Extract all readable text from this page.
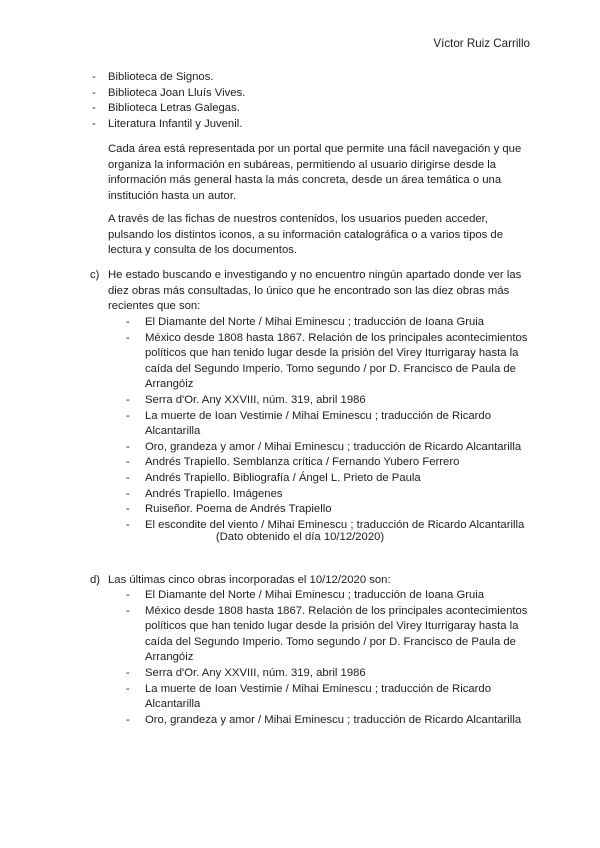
Víctor Ruiz Carrillo
- Biblioteca de Signos.
- Biblioteca Joan Lluís Vives.
- Biblioteca Letras Galegas.
- Literatura Infantil y Juvenil.
Cada área está representada por un portal que permite una fácil navegación y que
organiza la información en subáreas, permitiendo al usuario dirigirse desde la
información más general hasta la más concreta, desde un área temática o una
institución hasta un autor.
A través de las fichas de nuestros contenidos, los usuarios pueden acceder,
pulsando los distintos iconos, a su información catalográfica o a varios tipos de
lectura y consulta de los documentos.
c) He estado buscando e investigando y no encuentro ningún apartado donde ver las
diez obras más consultadas, lo único que he encontrado son las diez obras más
recientes que son:
- El Diamante del Norte / Mihai Eminescu ; traducción de Ioana Gruia
- México desde 1808 hasta 1867. Relación de los principales acontecimientos
políticos que han tenido lugar desde la prisión del Virey Iturrigaray hasta la
caída del Segundo Imperio. Tomo segundo / por D. Francisco de Paula de
Arrangóiz
- Serra d'Or. Any XXVIII, núm. 319, abril 1986
- La muerte de Ioan Vestimie / Mihai Eminescu ; traducción de Ricardo
Alcantarilla
- Oro, grandeza y amor / Mihai Eminescu ; traducción de Ricardo Alcantarilla
- Andrés Trapiello. Semblanza crítica / Fernando Yubero Ferrero
- Andrés Trapiello. Bibliografía / Ángel L. Prieto de Paula
- Andrés Trapiello. Imágenes
- Ruiseñor. Poema de Andrés Trapiello
- El escondite del viento / Mihai Eminescu ; traducción de Ricardo Alcantarilla
(Dato obtenido el día 10/12/2020)
d) Las últimas cinco obras incorporadas el 10/12/2020 son:
- El Diamante del Norte / Mihai Eminescu ; traducción de Ioana Gruia
- México desde 1808 hasta 1867. Relación de los principales acontecimientos
políticos que han tenido lugar desde la prisión del Virey Iturrigaray hasta la
caída del Segundo Imperio. Tomo segundo / por D. Francisco de Paula de
Arrangóiz
- Serra d'Or. Any XXVIII, núm. 319, abril 1986
- La muerte de Ioan Vestimie / Mihai Eminescu ; traducción de Ricardo
Alcantarilla
- Oro, grandeza y amor / Mihai Eminescu ; traducción de Ricardo Alcantarilla
